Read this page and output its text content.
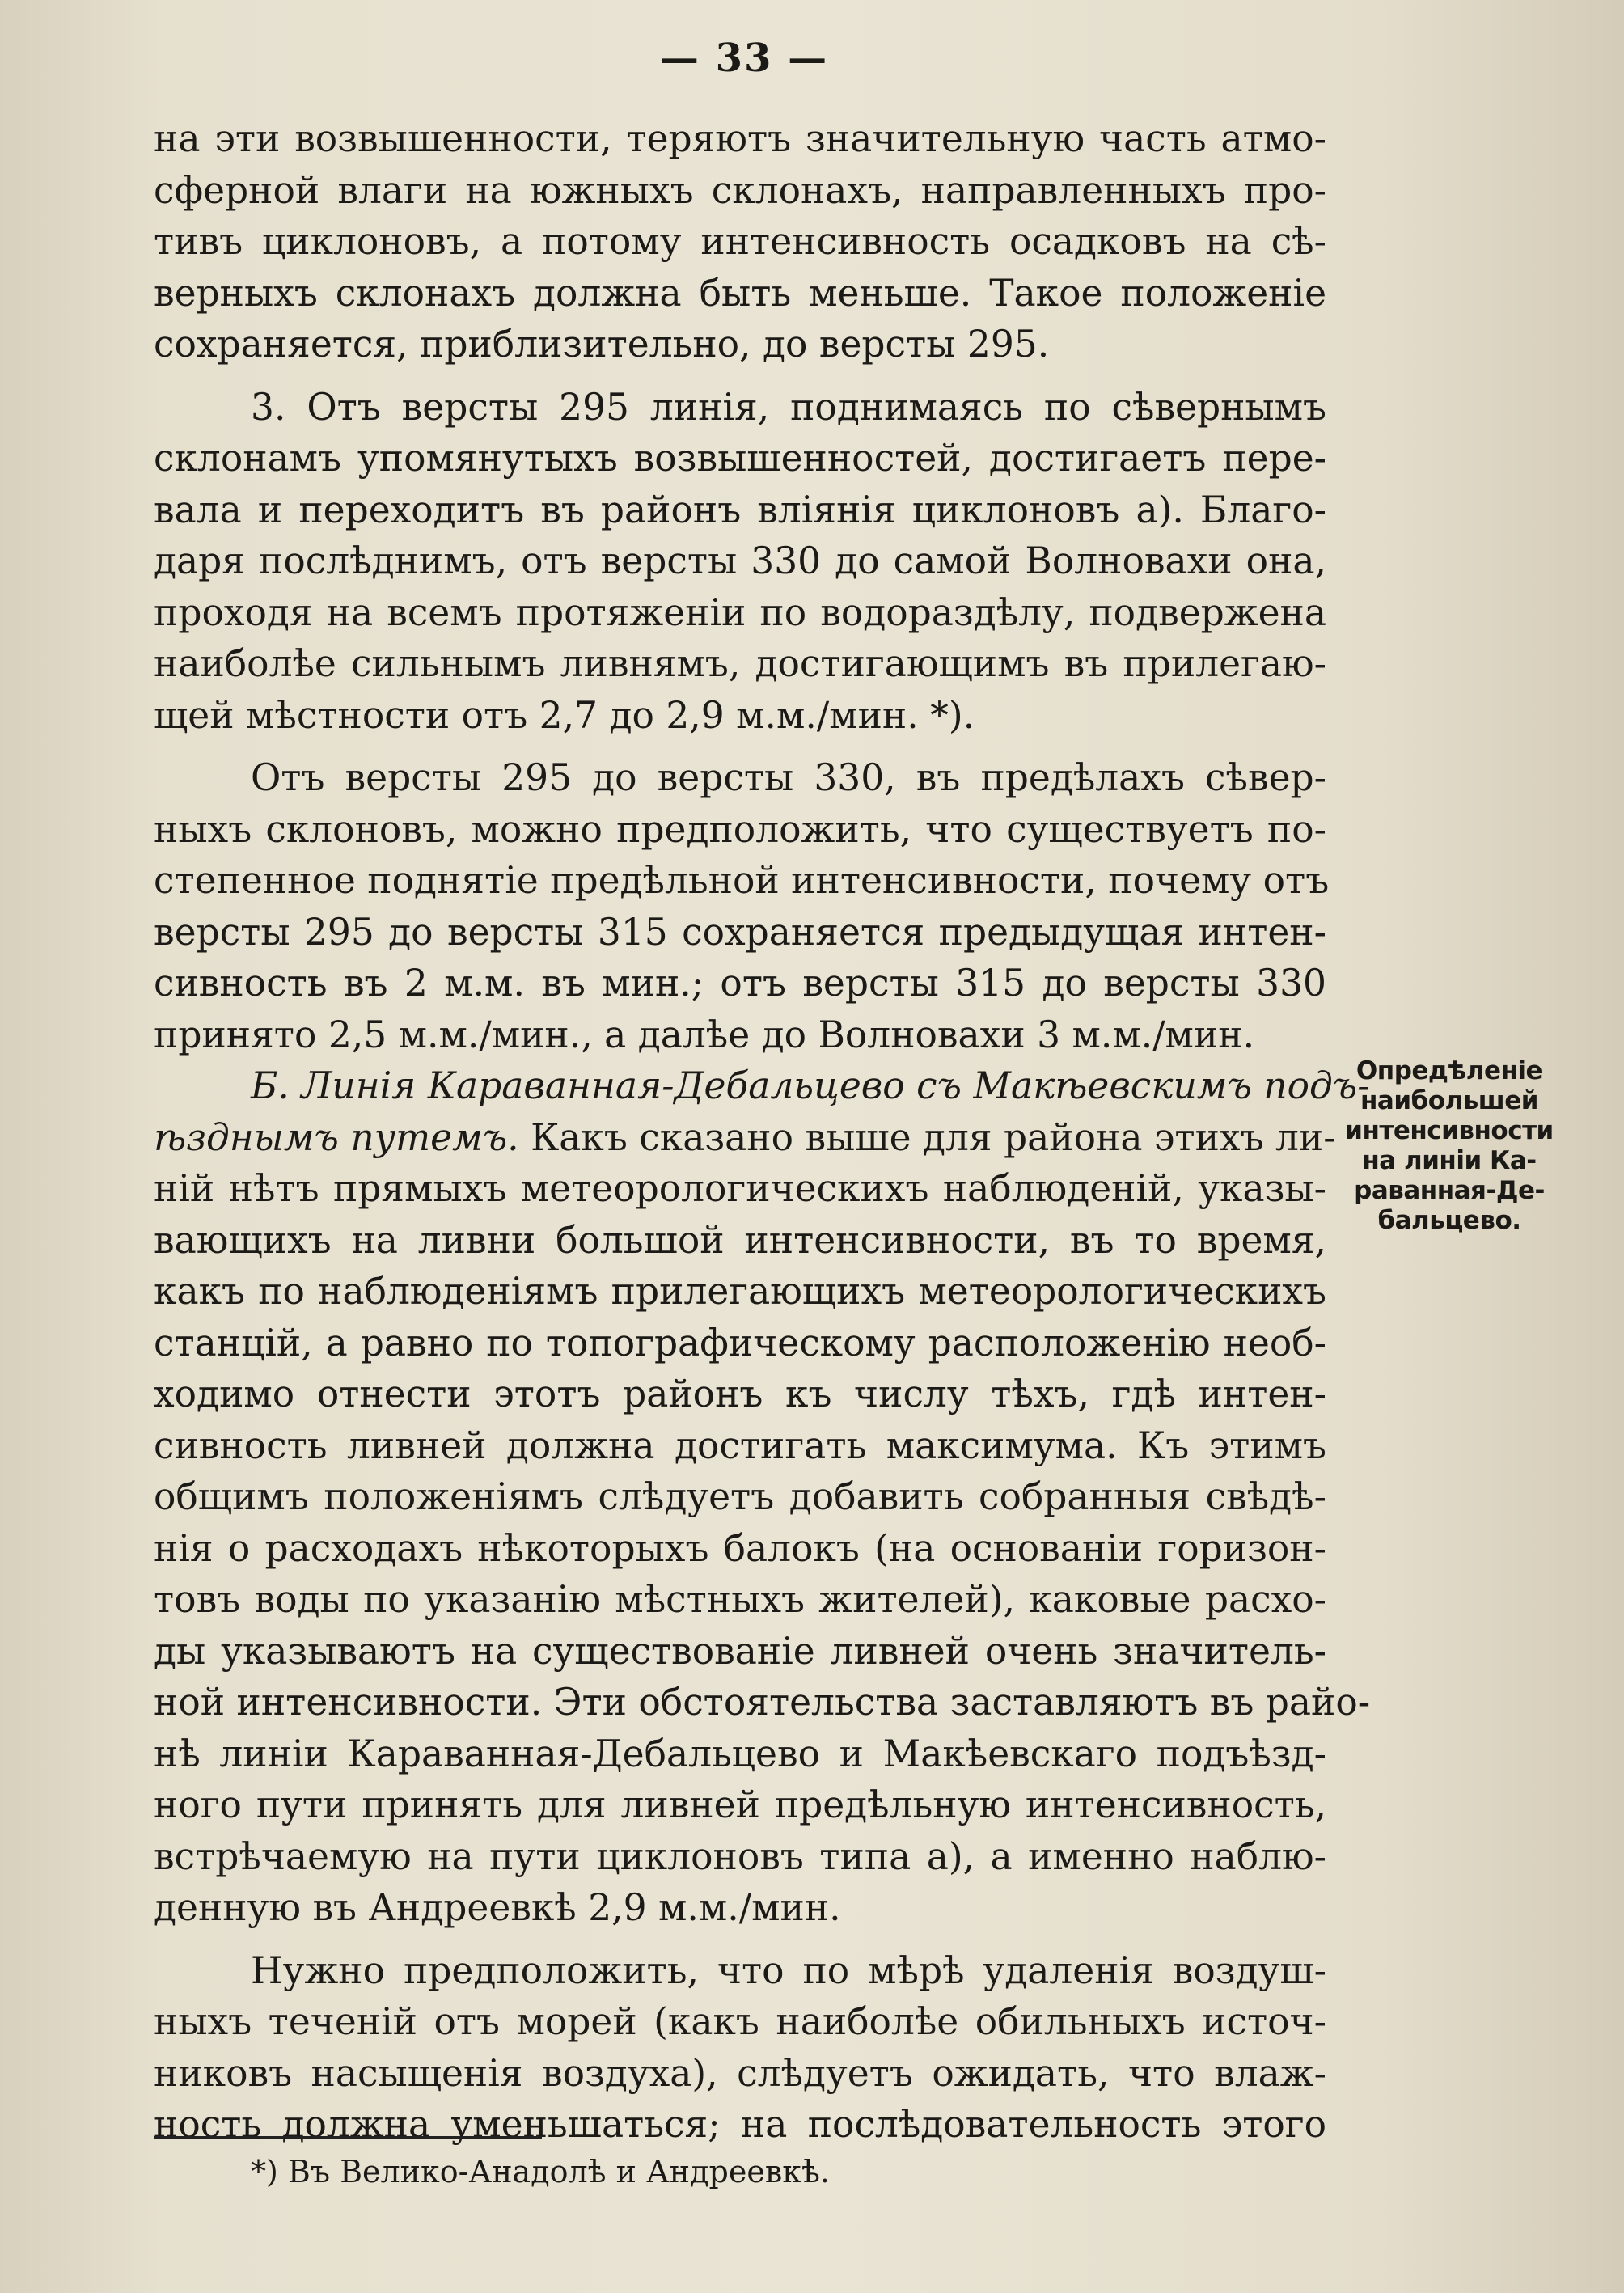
— 33 —
на эти возвышенности, теряютъ значительную часть атмо-
сферной влаги на южныхъ склонахъ, направленныхъ про-
тивъ циклоновъ, а потому интенсивность осадковъ на сѣ-
верныхъ склонахъ должна быть меньше. Такое положеніе
сохраняется, приблизительно, до версты 295.
3. Отъ версты 295 линія, поднимаясь по сѣвернымъ
склонамъ упомянутыхъ возвышенностей, достигаетъ пере-
вала и переходитъ въ районъ вліянія циклоновъ а). Благо-
даря послѣднимъ, отъ версты 330 до самой Волновахи она,
проходя на всемъ протяженіи по водораздѣлу, подвержена
наиболѣе сильнымъ ливнямъ, достигающимъ въ прилегаю-
щей мѣстности отъ 2,7 до 2,9 м.м./мин. *).
Отъ версты 295 до версты 330, въ предѣлахъ сѣвер-
ныхъ склоновъ, можно предположить, что существуетъ по-
степенное поднятіе предѣльной интенсивности, почему отъ
версты 295 до версты 315 сохраняется предыдущая интен-
сивность въ 2 м.м. въ мин.; отъ версты 315 до версты 330
принято 2,5 м.м./мин., а далѣе до Волновахи 3 м.м./мин.
Б. Линія Караванная-Дебальцево съ Макѣевскимъ подъ-
ѣзднымъ путемъ. Какъ сказано выше для района этихъ ли-
ній нѣтъ прямыхъ метеорологическихъ наблюденій, указы-
вающихъ на ливни большой интенсивности, въ то время,
какъ по наблюденіямъ прилегающихъ метеорологическихъ
станцій, а равно по топографическому расположенію необ-
ходимо отнести этотъ районъ къ числу тѣхъ, гдѣ интен-
сивность ливней должна достигать максимума. Къ этимъ
общимъ положеніямъ слѣдуетъ добавить собранныя свѣдѣ-
нія о расходахъ нѣкоторыхъ балокъ (на основаніи горизон-
товъ воды по указанію мѣстныхъ жителей), каковые расхо-
ды указываютъ на существованіе ливней очень значитель-
ной интенсивности. Эти обстоятельства заставляютъ въ райо-
нѣ линіи Караванная-Дебальцево и Макѣевскаго подъѣзд-
ного пути принять для ливней предѣльную интенсивность,
встрѣчаемую на пути циклоновъ типа а), а именно наблю-
денную въ Андреевкѣ 2,9 м.м./мин.
Нужно предположить, что по мѣрѣ удаленія воздуш-
ныхъ теченій отъ морей (какъ наиболѣе обильныхъ источ-
никовъ насыщенія воздуха), слѣдуетъ ожидать, что влаж-
ность должна уменьшаться; на послѣдовательность этого
Опредѣленіе
наибольшей
интенсивности
на линіи Ка-
раванная-Де-
бальцево.
*) Въ Велико-Анадолѣ и Андреевкѣ.
